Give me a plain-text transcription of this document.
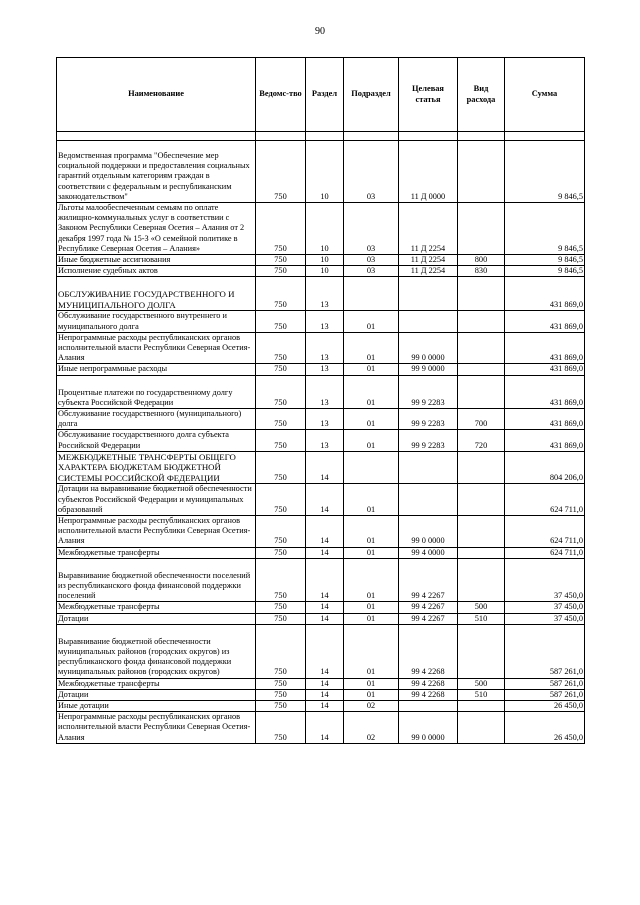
90
Наименование	Ведомс-тво	Раздел	Подраздел	Целевая статья	Вид расхода	Сумма

Ведомственная программа "Обеспечение мер социальной поддержки и предоставления социальных гарантий отдельным категориям граждан в соответствии с федеральным и республиканским законодательством"	750	10	03	11 Д 0000		9 846,5
Льготы малообеспеченным семьям по оплате жилищно-коммунальных услуг в соответствии с Законом Республики Северная Осетия – Алания от 2 декабря 1997 года № 15-З «О семейной политике в Республике Северная Осетия – Алания»	750	10	03	11 Д 2254		9 846,5
Иные бюджетные ассигнования	750	10	03	11 Д 2254	800	9 846,5
Исполнение судебных актов	750	10	03	11 Д 2254	830	9 846,5
ОБСЛУЖИВАНИЕ ГОСУДАРСТВЕННОГО И МУНИЦИПАЛЬНОГО ДОЛГА	750	13				431 869,0
Обслуживание государственного внутреннего и муниципального долга	750	13	01			431 869,0
Непрограммные расходы республиканских органов исполнительной власти Республики Северная Осетия-Алания	750	13	01	99 0 0000		431 869,0
Иные непрограммные расходы	750	13	01	99 9 0000		431 869,0
Процентные платежи по государственному долгу субъекта Российской Федерации	750	13	01	99 9 2283		431 869,0
Обслуживание государственного (муниципального) долга	750	13	01	99 9 2283	700	431 869,0
Обслуживание государственного долга субъекта Российской Федерации	750	13	01	99 9 2283	720	431 869,0
МЕЖБЮДЖЕТНЫЕ ТРАНСФЕРТЫ ОБЩЕГО ХАРАКТЕРА БЮДЖЕТАМ БЮДЖЕТНОЙ СИСТЕМЫ РОССИЙСКОЙ ФЕДЕРАЦИИ	750	14				804 206,0
Дотации на выравнивание бюджетной обеспеченности субъектов Российской Федерации и муниципальных образований	750	14	01			624 711,0
Непрограммные расходы республиканских органов исполнительной власти Республики Северная Осетия-Алания	750	14	01	99 0 0000		624 711,0
Межбюджетные трансферты	750	14	01	99 4 0000		624 711,0
Выравнивание бюджетной обеспеченности поселений из республиканского фонда финансовой поддержки поселений	750	14	01	99 4 2267		37 450,0
Межбюджетные трансферты	750	14	01	99 4 2267	500	37 450,0
Дотации	750	14	01	99 4 2267	510	37 450,0
Выравнивание бюджетной обеспеченности муниципальных районов (городских округов) из республиканского фонда финансовой поддержки муниципальных районов (городских округов)	750	14	01	99 4 2268		587 261,0
Межбюджетные трансферты	750	14	01	99 4 2268	500	587 261,0
Дотации	750	14	01	99 4 2268	510	587 261,0
Иные дотации	750	14	02			26 450,0
Непрограммные расходы республиканских органов исполнительной власти Республики Северная Осетия-Алания	750	14	02	99 0 0000		26 450,0
